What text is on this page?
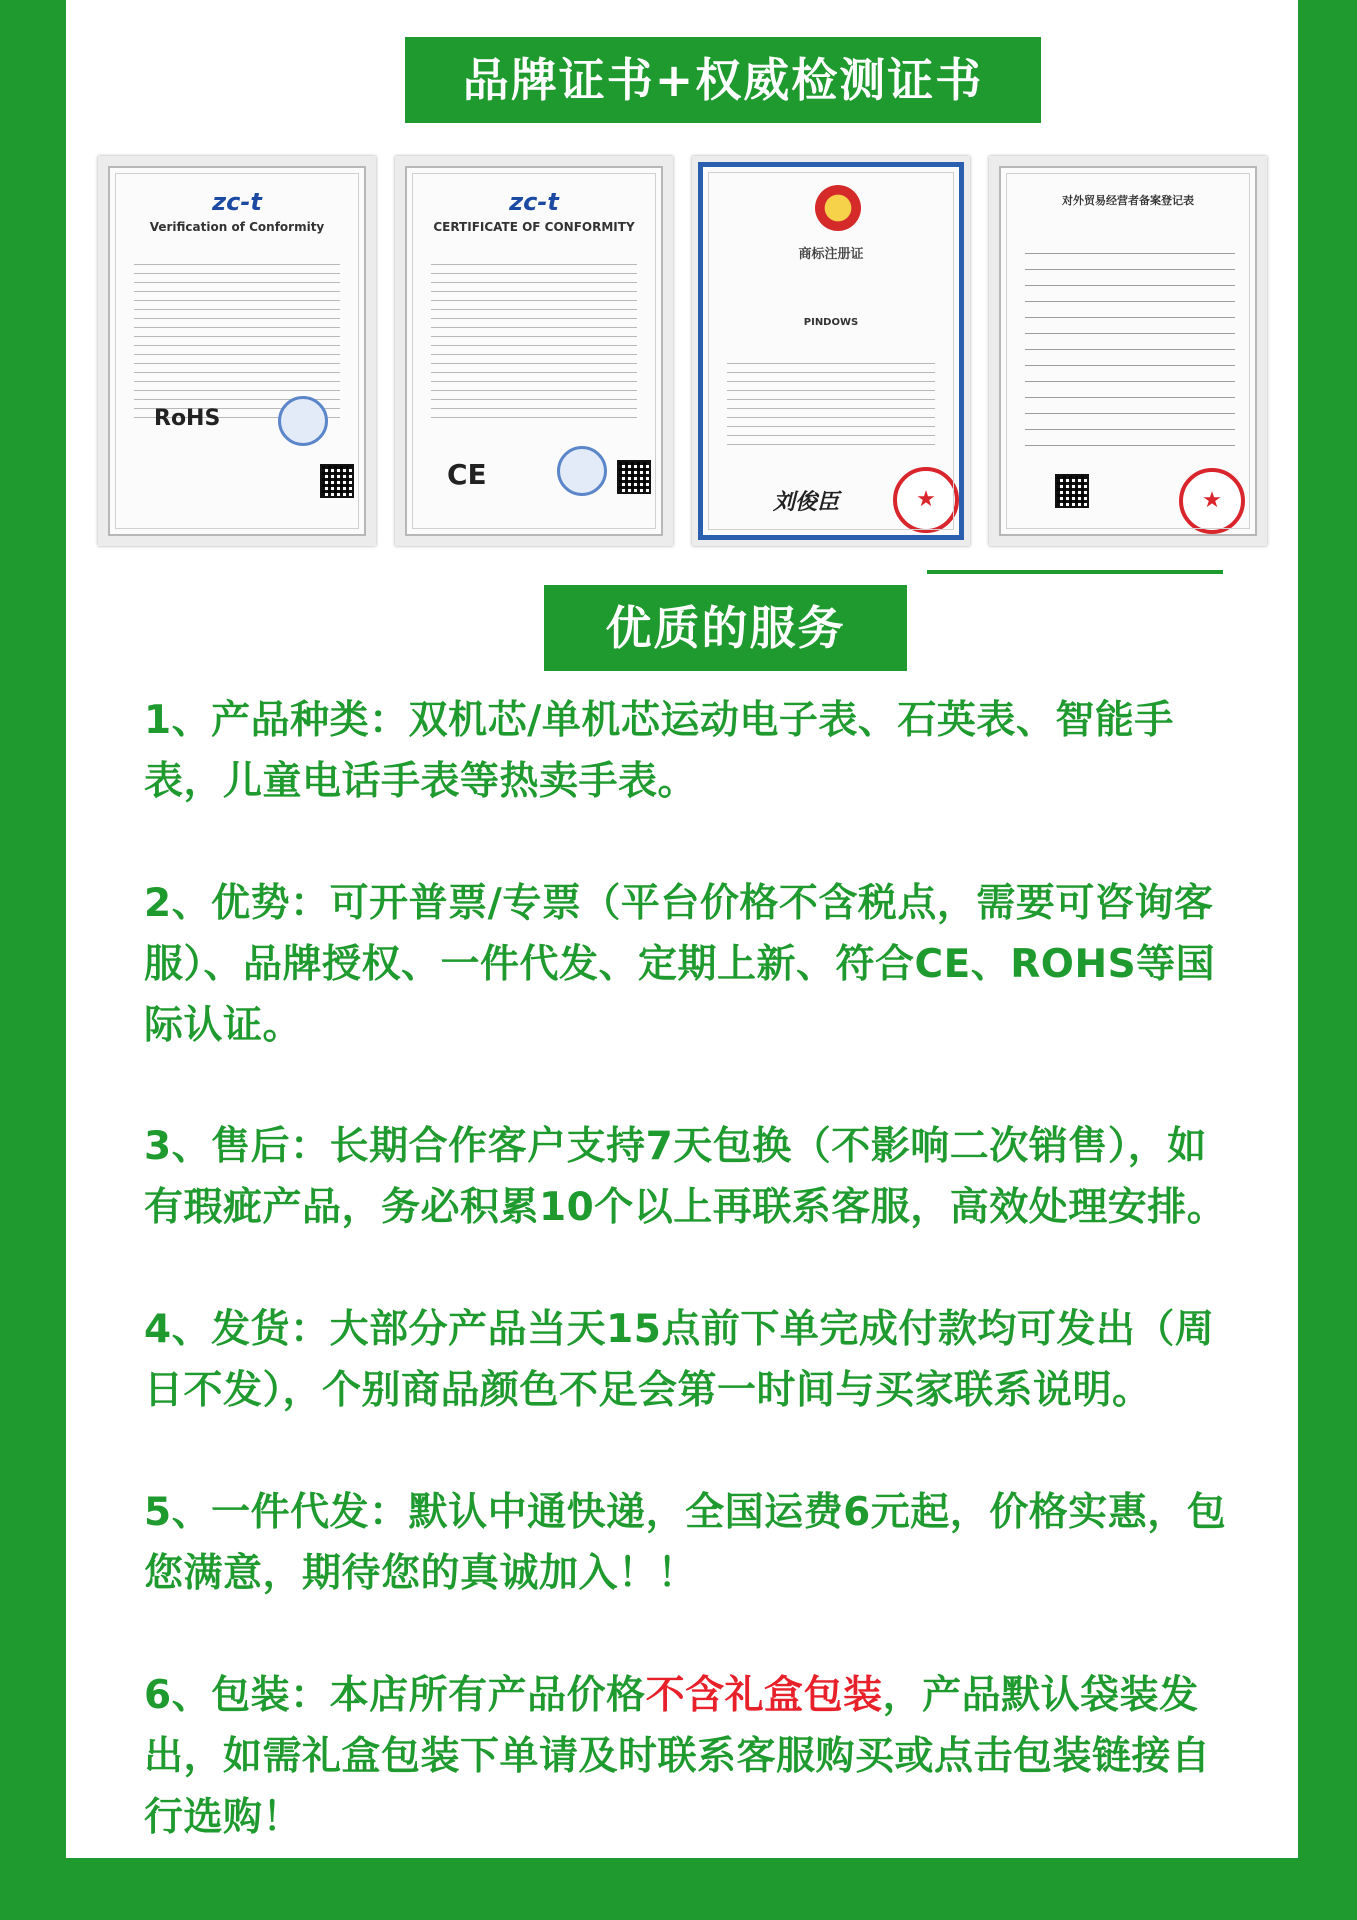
品牌证书+权威检测证书
zc-t
Verification of Conformity
RoHS
zc-t
CERTIFICATE OF CONFORMITY
CE
商标注册证
PINDOWS
刘俊臣	★
对外贸易经营者备案登记表
★
优质的服务

1、产品种类：双机芯/单机芯运动电子表、石英表、智能手
表，儿童电话手表等热卖手表。

2、优势：可开普票/专票（平台价格不含税点，需要可咨询客
服）、品牌授权、一件代发、定期上新、符合CE、ROHS等国
际认证。

3、售后：长期合作客户支持7天包换（不影响二次销售），如
有瑕疵产品，务必积累10个以上再联系客服，高效处理安排。

4、发货：大部分产品当天15点前下单完成付款均可发出（周
日不发），个别商品颜色不足会第一时间与买家联系说明。

5、一件代发：默认中通快递，全国运费6元起，价格实惠，包
您满意，期待您的真诚加入！！

6、包装：本店所有产品价格不含礼盒包装，产品默认袋装发
出，如需礼盒包装下单请及时联系客服购买或点击包装链接自
行选购！
